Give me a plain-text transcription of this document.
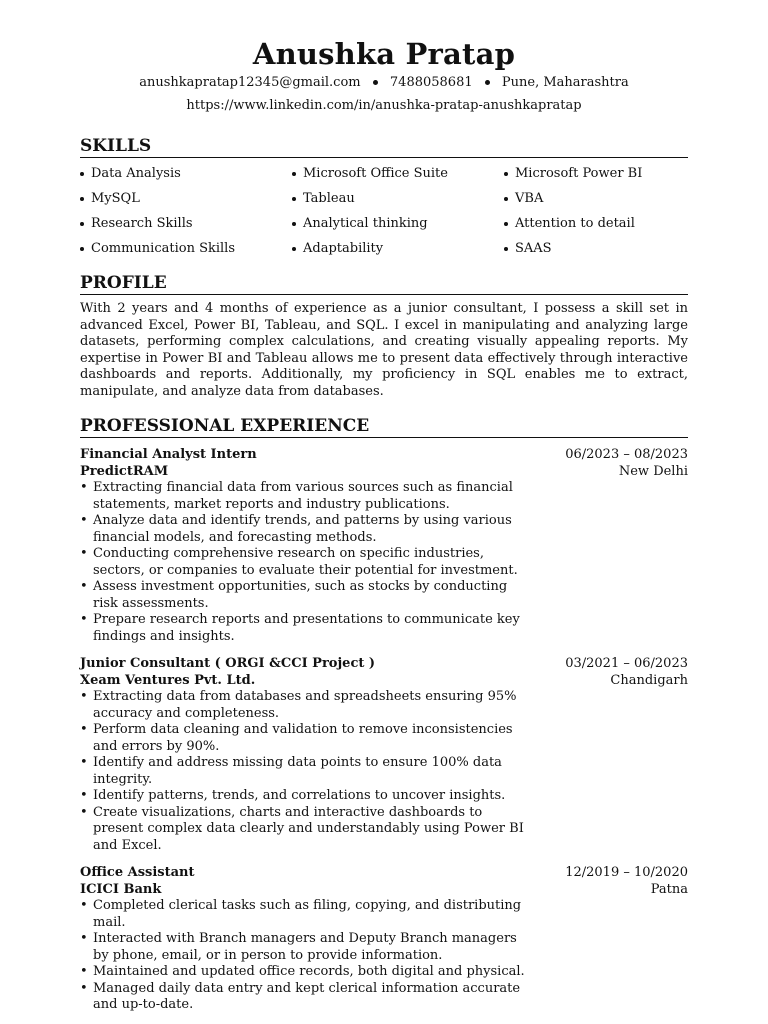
Anushka Pratap
anushkapratap12345@gmail.com 7488058681 Pune, Maharashtra
https://www.linkedin.com/in/anushka-pratap-anushkapratap
SKILLS
Data Analysis	Microsoft Office Suite	Microsoft Power BI
MySQL	Tableau	VBA
Research Skills	Analytical thinking	Attention to detail
Communication Skills	Adaptability	SAAS
PROFILE

With 2 years and 4 months of experience as a junior consultant, I possess a skill set in advanced Excel, Power BI, Tableau, and SQL. I excel in manipulating and analyzing large datasets, performing complex calculations, and creating visually appealing reports. My expertise in Power BI and Tableau allows me to present data effectively through interactive dashboards and reports. Additionally, my proficiency in SQL enables me to extract, manipulate, and analyze data from databases.

PROFESSIONAL EXPERIENCE
Financial Analyst Intern	06/2023 – 08/2023
PredictRAM	New Delhi
• Extracting financial data from various sources such as financial statements, market reports and industry publications.
• Analyze data and identify trends, and patterns by using various financial models, and forecasting methods.
• Conducting comprehensive research on specific industries, sectors, or companies to evaluate their potential for investment.
• Assess investment opportunities, such as stocks by conducting risk assessments.
• Prepare research reports and presentations to communicate key findings and insights.
Junior Consultant ( ORGI &CCI Project )	03/2021 – 06/2023
Xeam Ventures Pvt. Ltd.	Chandigarh
• Extracting data from databases and spreadsheets ensuring 95% accuracy and completeness.
• Perform data cleaning and validation to remove inconsistencies and errors by 90%.
• Identify and address missing data points to ensure 100% data integrity.
• Identify patterns, trends, and correlations to uncover insights.
• Create visualizations, charts and interactive dashboards to present complex data clearly and understandably using Power BI and Excel.
Office Assistant	12/2019 – 10/2020
ICICI Bank	Patna
• Completed clerical tasks such as filing, copying, and distributing mail.
• Interacted with Branch managers and Deputy Branch managers by phone, email, or in person to provide information.
• Maintained and updated office records, both digital and physical.
• Managed daily data entry and kept clerical information accurate and up-to-date.
